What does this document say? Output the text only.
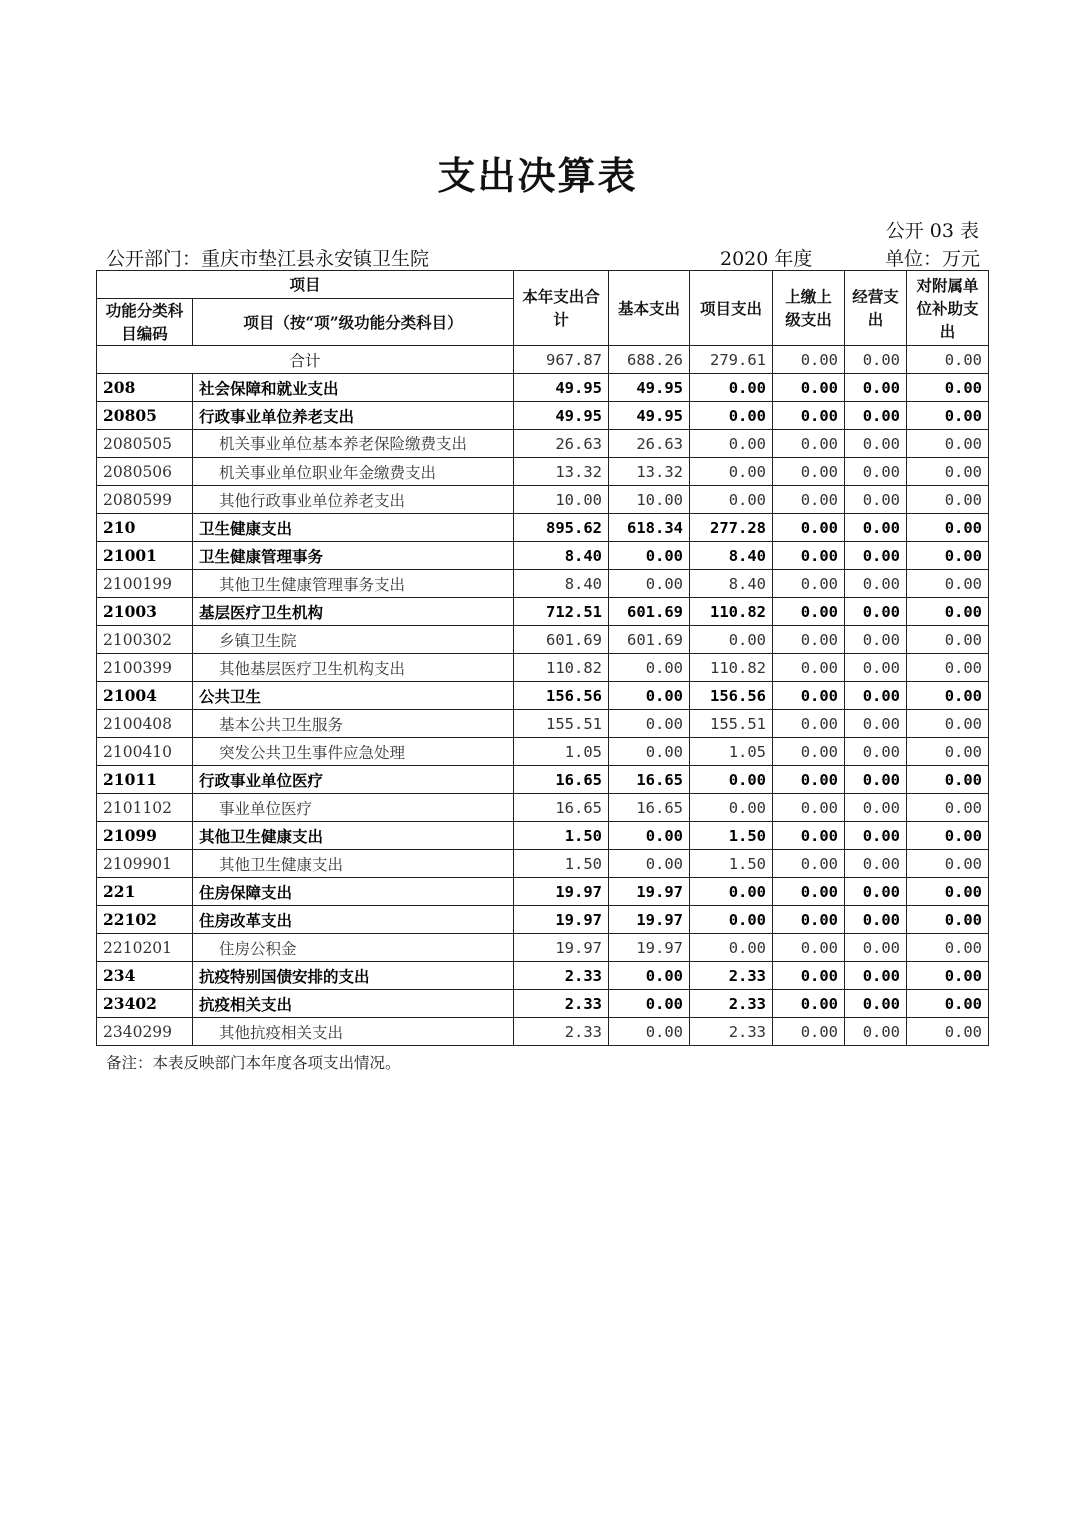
支出决算表
公开 03 表
公开部门：重庆市垫江县永安镇卫生院	2020 年度	单位：万元
项目		本年支出合计	基本支出	项目支出	上缴上级支出	经营支出	对附属单位补助支出
功能分类科目编码	项目（按“项”级功能分类科目）						
合计		967.87	688.26	279.61	0.00	0.00	0.00
208	社会保障和就业支出	49.95	49.95	0.00	0.00	0.00	0.00
20805	行政事业单位养老支出	49.95	49.95	0.00	0.00	0.00	0.00
2080505	机关事业单位基本养老保险缴费支出	26.63	26.63	0.00	0.00	0.00	0.00
2080506	机关事业单位职业年金缴费支出	13.32	13.32	0.00	0.00	0.00	0.00
2080599	其他行政事业单位养老支出	10.00	10.00	0.00	0.00	0.00	0.00
210	卫生健康支出	895.62	618.34	277.28	0.00	0.00	0.00
21001	卫生健康管理事务	8.40	0.00	8.40	0.00	0.00	0.00
2100199	其他卫生健康管理事务支出	8.40	0.00	8.40	0.00	0.00	0.00
21003	基层医疗卫生机构	712.51	601.69	110.82	0.00	0.00	0.00
2100302	乡镇卫生院	601.69	601.69	0.00	0.00	0.00	0.00
2100399	其他基层医疗卫生机构支出	110.82	0.00	110.82	0.00	0.00	0.00
21004	公共卫生	156.56	0.00	156.56	0.00	0.00	0.00
2100408	基本公共卫生服务	155.51	0.00	155.51	0.00	0.00	0.00
2100410	突发公共卫生事件应急处理	1.05	0.00	1.05	0.00	0.00	0.00
21011	行政事业单位医疗	16.65	16.65	0.00	0.00	0.00	0.00
2101102	事业单位医疗	16.65	16.65	0.00	0.00	0.00	0.00
21099	其他卫生健康支出	1.50	0.00	1.50	0.00	0.00	0.00
2109901	其他卫生健康支出	1.50	0.00	1.50	0.00	0.00	0.00
221	住房保障支出	19.97	19.97	0.00	0.00	0.00	0.00
22102	住房改革支出	19.97	19.97	0.00	0.00	0.00	0.00
2210201	住房公积金	19.97	19.97	0.00	0.00	0.00	0.00
234	抗疫特别国债安排的支出	2.33	0.00	2.33	0.00	0.00	0.00
23402	抗疫相关支出	2.33	0.00	2.33	0.00	0.00	0.00
2340299	其他抗疫相关支出	2.33	0.00	2.33	0.00	0.00	0.00
备注：本表反映部门本年度各项支出情况。
